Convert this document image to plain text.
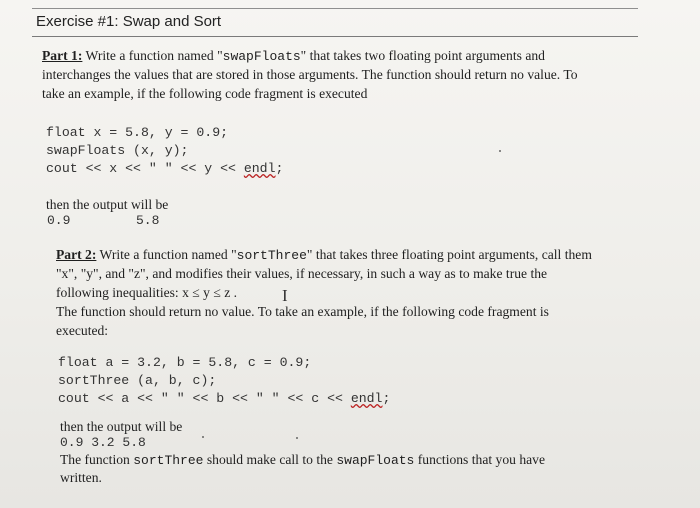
Exercise #1: Swap and Sort
Part 1: Write a function named "swapFloats" that takes two floating point arguments and
interchanges the values that are stored in those arguments. The function should return no value. To
take an example, if the following code fragment is executed
float x = 5.8, y = 0.9;
swapFloats (x, y);
cout << x << " " << y << endl;
then the output will be
0.9	5.8
Part 2: Write a function named "sortThree" that takes three floating point arguments, call them
"x", "y", and "z", and modifies their values, if necessary, in such a way as to make true the
following inequalities: x ≤ y ≤ z .	I
The function should return no value. To take an example, if the following code fragment is
executed:
float a = 3.2, b = 5.8, c = 0.9;
sortThree (a, b, c);
cout << a << " " << b << " " << c << endl;
then the output will be
0.9 3.2 5.8
The function sortThree should make call to the swapFloats functions that you have
written.
